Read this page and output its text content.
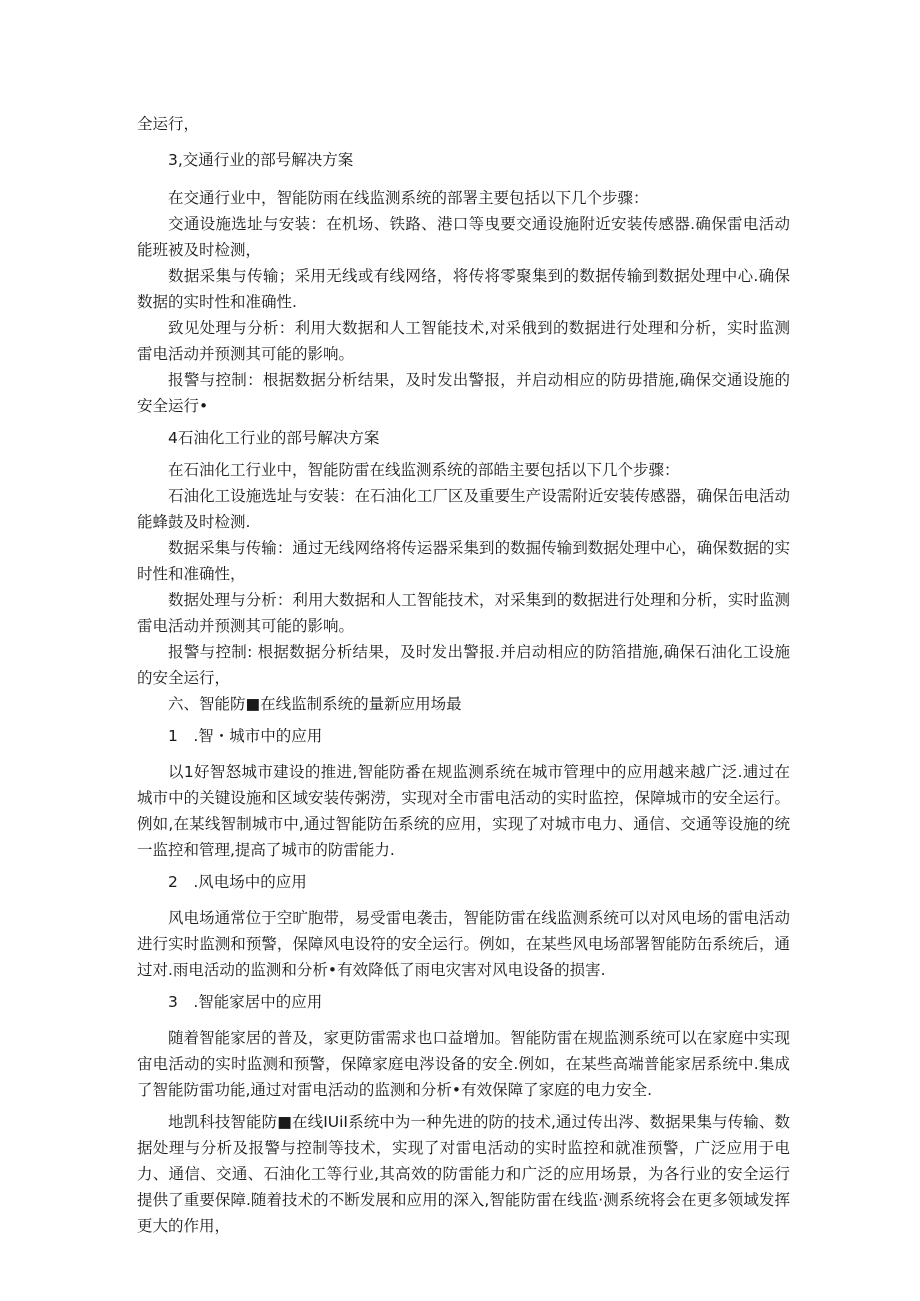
全运行，

3,交通行业的部号解决方案

在交通行业中，智能防雨在线监测系统的部署主要包括以下几个步骤：

交通设施选址与安装：在机场、铁路、港口等曳要交通设施附近安装传感器.确保雷电活动能班被及时检测，

数据采集与传输；采用无线或有线网络，将传将零聚集到的数据传输到数据处理中心.确保数据的实时性和准确性.

致见处理与分析：利用大数据和人工智能技术,对采俄到的数据进行处理和分析，实时监测雷电活动并预测其可能的影响。

报警与控制：根据数据分析结果，及时发出警报，并启动相应的防毋措施,确保交通设施的安全运行•

4石油化工行业的部号解决方案

在石油化工行业中，智能防雷在线监测系统的部皓主要包括以下几个步骤：

石油化工设施选址与安装：在石油化工厂区及重要生产设需附近安装传感器，确保缶电活动能蜂鼓及时检测.

数据采集与传输：通过无线网络将传运器采集到的数掘传输到数据处理中心，确保数据的实时性和准确性，

数据处理与分析：利用大数据和人工智能技术，对采集到的数据进行处理和分析，实时监测雷电活动并预测其可能的影响。

报警与控制: 根据数据分析结果，及时发出警报.并启动相应的防箔措施,确保石油化工设施的安全运行，

六、智能防■在线监制系统的量新应用场最

1　.智・城市中的应用

以1好智怒城市建设的推进,智能防番在规监测系统在城市管理中的应用越来越广泛.逋过在城市中的关键设施和区域安装传粥涝，实现对全市雷电活动的实时监控，保障城市的安全运行。例如,在某线智制城市中,通过智能防缶系统的应用，实现了对城市电力、通信、交通等设施的统一监控和管理,提高了城市的防雷能力.

2　.风电场中的应用

风电场通常位于空旷胞带，易受雷电袭击，智能防雷在线监测系统可以对风电场的雷电活动进行实时监测和预警，保障风电设符的安全运行。例如，在某些风电场部署智能防缶系统后，通过对.雨电活动的监测和分析•有效降低了雨电灾害对风电设备的损害.

3　.智能家居中的应用

随着智能家居的普及，家更防雷需求也口益增加。智能防雷在规监测系统可以在家庭中实现宙电活动的实时监测和预警，保障家庭电涔设备的安全.例如，在某些高端普能家居系统中.集成了智能防雷功能,通过对雷电活动的监测和分析•有效保障了家庭的电力安全.

地凯科技智能防■在线IUiI系统中为一种先进的防的技术,通过传出涔、数据果集与传输、数据处理与分析及报警与控制等技术，实现了对雷电活动的实时监控和就准预警，广泛应用于电力、通信、交通、石油化工等行业,其高效的防雷能力和广泛的应用场景，为各行业的安全运行提供了重要保障.随着技术的不断发展和应用的深入,智能防雷在线监·测系统将会在更多领域发挥更大的作用，
